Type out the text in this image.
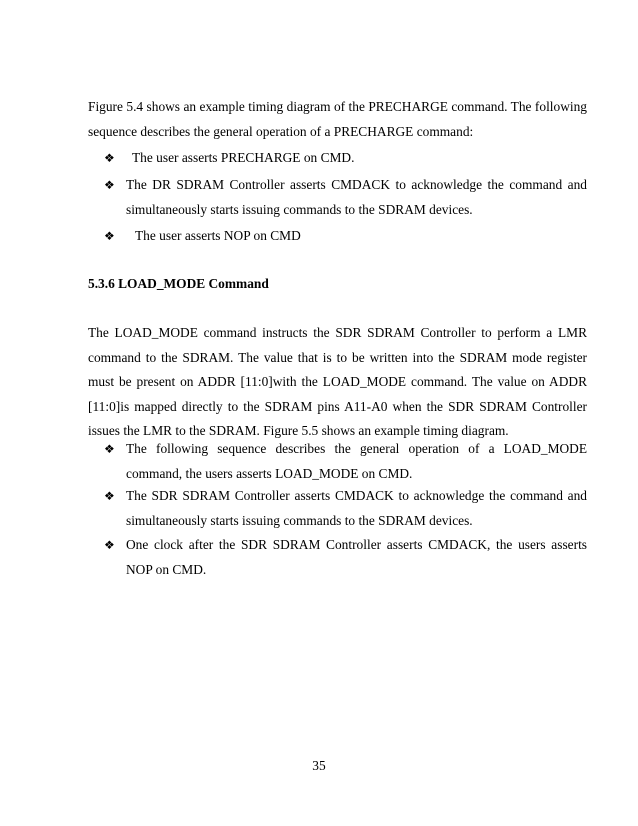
Figure 5.4 shows an example timing diagram of the PRECHARGE command. The following sequence describes the general operation of a PRECHARGE command:

❖ The user asserts PRECHARGE on CMD.

❖ The DR SDRAM Controller asserts CMDACK to acknowledge the command and simultaneously starts issuing commands to the SDRAM devices.

❖ The user asserts NOP on CMD

5.3.6 LOAD_MODE Command

The LOAD_MODE command instructs the SDR SDRAM Controller to perform a LMR command to the SDRAM. The value that is to be written into the SDRAM mode register must be present on ADDR [11:0]with the LOAD_MODE command. The value on ADDR [11:0]is mapped directly to the SDRAM pins A11-A0 when the SDR SDRAM Controller issues the LMR to the SDRAM. Figure 5.5 shows an example timing diagram.

❖ The following sequence describes the general operation of a LOAD_MODE command, the users asserts LOAD_MODE on CMD.

❖ The SDR SDRAM Controller asserts CMDACK to acknowledge the command and simultaneously starts issuing commands to the SDRAM devices.

❖ One clock after the SDR SDRAM Controller asserts CMDACK, the users asserts NOP on CMD.

35
